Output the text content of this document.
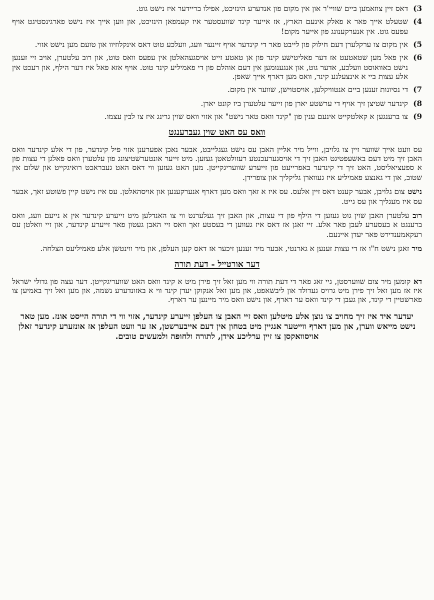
3)
דאס זיין צוזאמען ביים שוויי'ר און אין מקום פון אנדערע הינזיכט, אפילו בריידער איז נישט גוט.
4)
שטעלט אייך פאר א פאלק אינעם הארץ, אז אייער קינד שוועסטער איז קעמפאן הינזיכט, און ווען אייך איז נישט פארגינסטיגט אויף עפעס גוט. אין אנערקענונג פון אייער מקום!
5)
אין מקום צו ערקלערן דעם חילוק פון לייבט פאר די קינדער אויף זיינער וועג, וועלכע טוט דאס אינקלוזיוו און טועם מען נישט אזוי.
6)
אין פאל מען שטאטעט אז דער פאליטישע קינד פון אן טאטע זייט אויסגעהאלטן אין עפעס וואס טוט, און רוב עלטערן, אויב זיי זענען נישט באוואוסט וועלכע, אדער גוט, און אנגענומען אין דעם אוהלם פון די פאמיליע קינד טוט. אויף אזא פאל איז דער הילף, און רעכט אין אלע עצות ביי א אינצעלנע קינד, וואס מען דארף אייך שאפן.
7)
די נסיונות זענען ביים אנטוויקלען, אויסטוישן, שווער אין מקום.
8)
קינדער שטיצן זיך אויף די ערשטע יארן פון זייער עלטערן ביז קונט יארן.
9)
צו ברענגען א קאלטקייט אינעם ענין פון "קינד וואס טאר נישט" און אזוי וואס שוין גרינג איז צו לבין עצמו.
וואס עס האט שוין געברענגט

עס וועט אייך שווער זיין צו גלויבן, ווייל מיר אליין האבן עס נישט געגלייבט, אבער נאכן אפערענן אזוי פיל קינדער, פון די אלע קינדער וואס האבן זיך מיט דעם באשעפטיגט האבן זיך די אויסגערעכנטע רעזולטאטן געזען. מיט זייער אונטערשטיצונג פון עלטערן וואס פאלגן די עצות פון א ספעציאליסט, האט זיך די קינדער באפרייעט פון זייערע שוועריגקייטן. מען האט געזען ווי דאס האט געבראכט רואיגקייט און שלום אין שטוב, און די גאנצע פאמיליע איז געווארן גליקליך און צופרידן.

נישט צום גלויבן, אבער קענט דאס זיין אלעס. עס איז א זאך וואס מען דארף אנערקענען און אויסהאלטן. עס איז נישט קיין פשוטע זאך, אבער עס איז מעגליך און עס גייט.

רוב עלטערן האבן שוין גוט געזען די הילף פון די עצות, און האבן זיך געלערנט ווי צו האנדלען מיט זייערע קינדער אין א נייעם וועג, וואס ברענגט א בעסערע לעבן פאר אלע. זיי זאגן אז דאס איז געווען די בעסטע זאך וואס זיי האבן געטון פאר זייערע קינדער, און זיי וואלטן עס רעקאמענדירט פאר יעדן איינעם.

מיר זאגן נישט ח"ו אז די עצות זענען א גארנטי, אבער מיר זענען זיכער אז דאס קען העלפן, און מיר ווינטשן אלע פאמיליעס הצלחה.

דער אורטייל - דעת תורה

דא קומען מיר צום שווערסטן, גיי זאג פאר די דעת תורה ווי מען זאל זיך פירן מיט א קינד וואס האט שוועריגקייטן. דער עצה פון גדולי ישראל איז אז מען זאל זיך פירן מיט גרויס געדולד און ליבשאפט, און מען זאל אנקוקן יעדן קינד ווי א באזונדערע נשמה, און מען זאל זיך באמיען צו פארשטיין די קינד, און געבן די קינד וואס ער דארף, און נישט וואס מיר מיינען ער דארף.

יעדער איד איז זיך מחויב צו נוצן אלע מיטלען וואס זיי האבן צו העלפן זייערע קינדער, אזוי ווי די תורה הייסט אונז. מען טאר נישט מייאש ווערן, און מען דארף ווייטער אנגיין מיט בטחון אין דעם אייבערשטן, אז ער וועט העלפן אז אונזערע קינדער זאלן אויסוואקסן צו זיין ערליכע אידן, לתורה ולחופה ולמעשים טובים.
